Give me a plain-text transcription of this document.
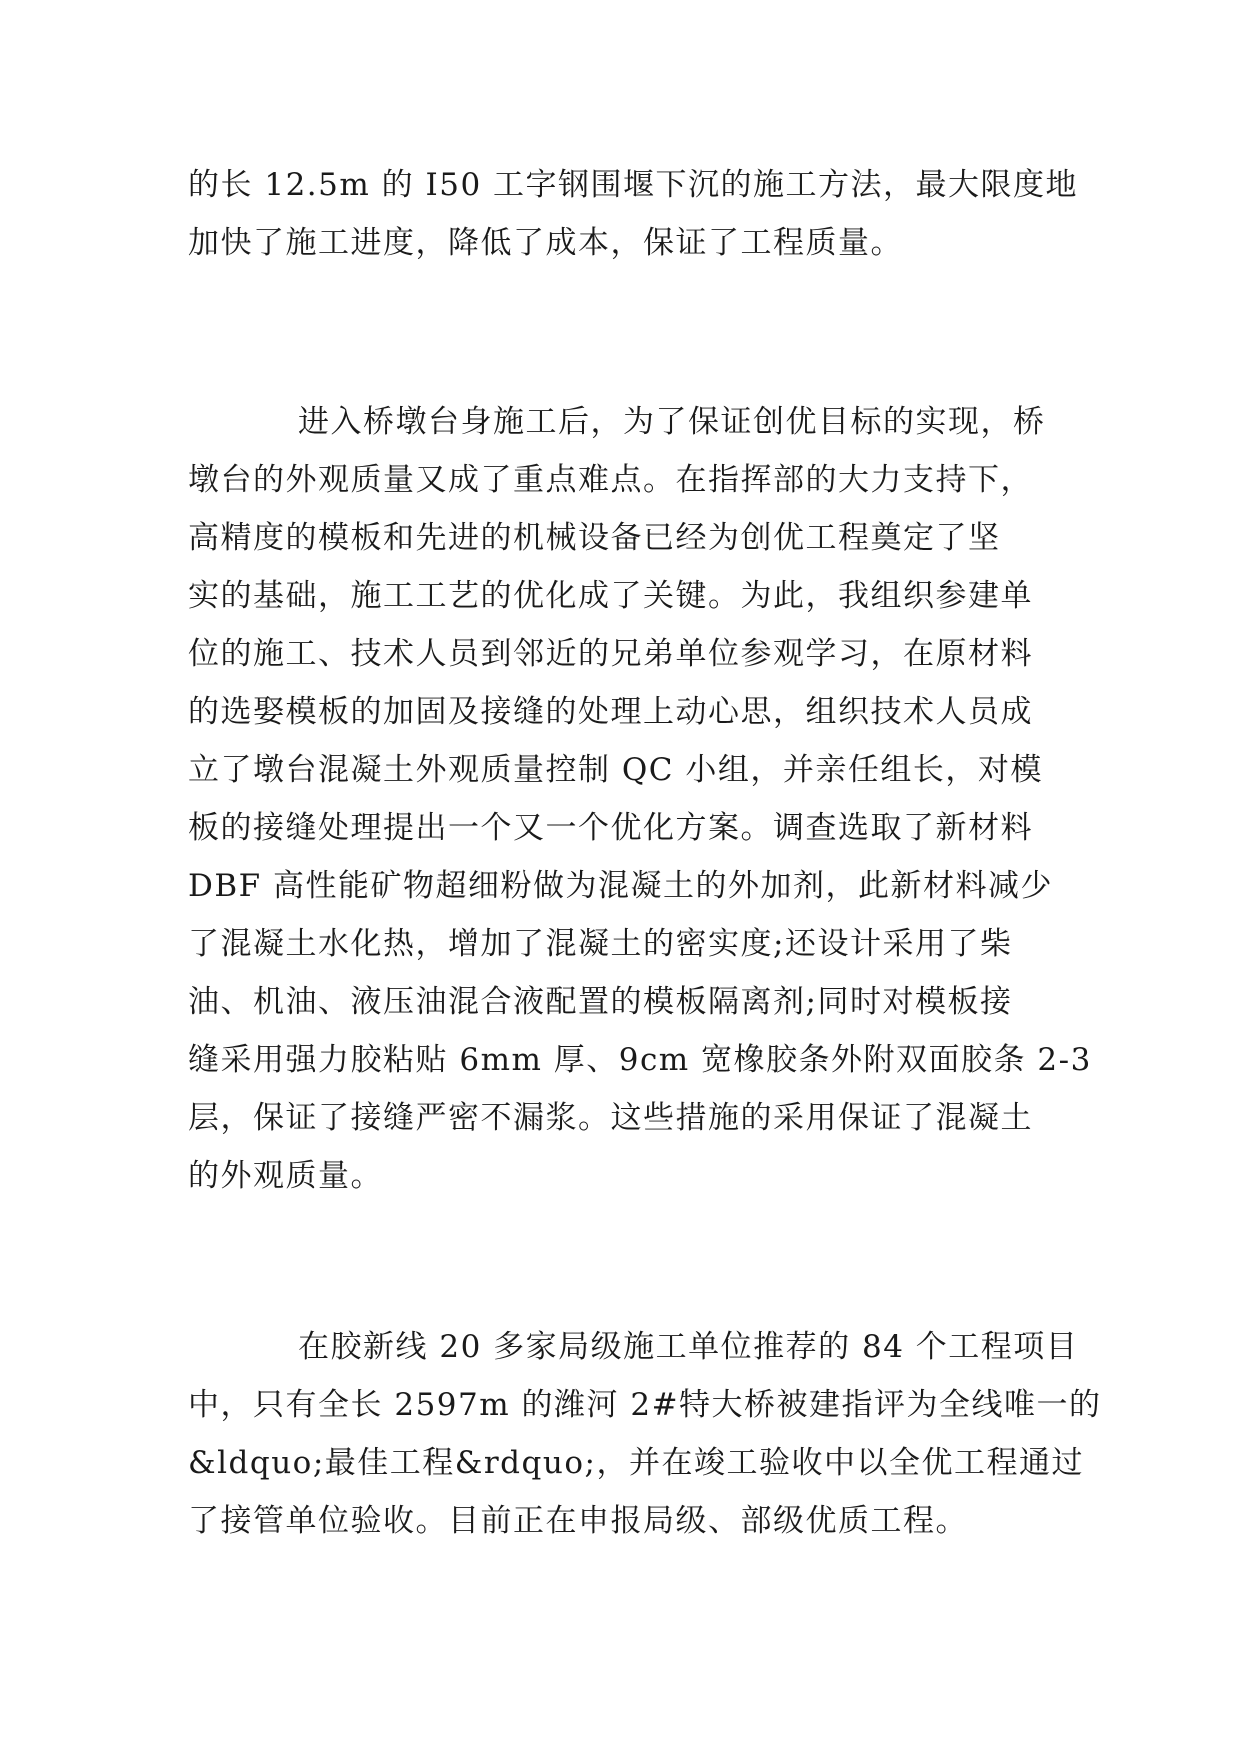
的长 12.5m 的 I50 工字钢围堰下沉的施工方法，最大限度地
加快了施工进度，降低了成本，保证了工程质量。

进入桥墩台身施工后，为了保证创优目标的实现，桥
墩台的外观质量又成了重点难点。在指挥部的大力支持下，
高精度的模板和先进的机械设备已经为创优工程奠定了坚
实的基础，施工工艺的优化成了关键。为此，我组织参建单
位的施工、技术人员到邻近的兄弟单位参观学习，在原材料
的选娶模板的加固及接缝的处理上动心思，组织技术人员成
立了墩台混凝土外观质量控制 QC 小组，并亲任组长，对模
板的接缝处理提出一个又一个优化方案。调查选取了新材料
DBF 高性能矿物超细粉做为混凝土的外加剂，此新材料减少
了混凝土水化热，增加了混凝土的密实度;还设计采用了柴
油、机油、液压油混合液配置的模板隔离剂;同时对模板接
缝采用强力胶粘贴 6mm 厚、9cm 宽橡胶条外附双面胶条 2-3
层，保证了接缝严密不漏浆。这些措施的采用保证了混凝土
的外观质量。

在胶新线 20 多家局级施工单位推荐的 84 个工程项目
中，只有全长 2597m 的潍河 2#特大桥被建指评为全线唯一的
&ldquo;最佳工程&rdquo;，并在竣工验收中以全优工程通过
了接管单位验收。目前正在申报局级、部级优质工程。
